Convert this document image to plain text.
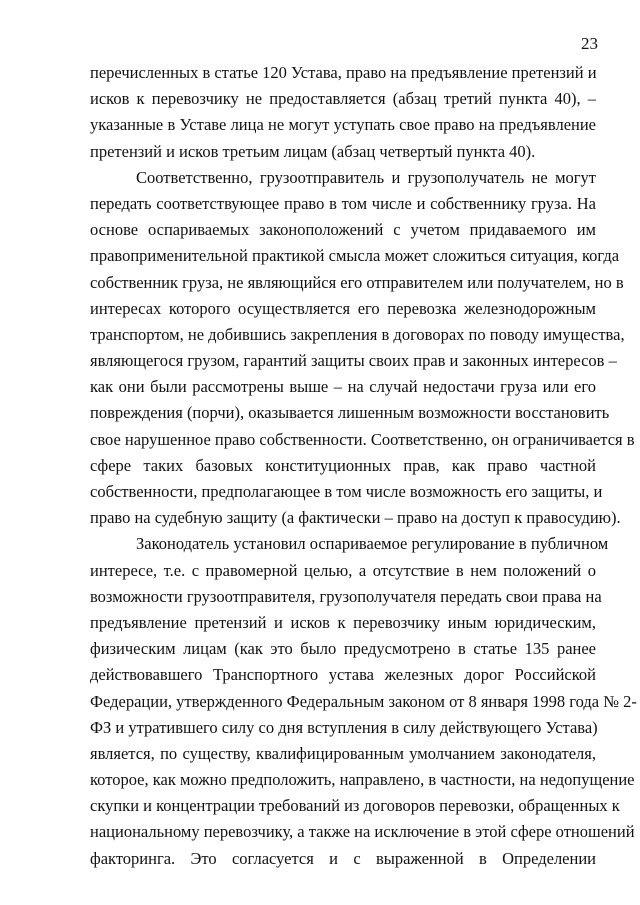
23
перечисленных в статье 120 Устава, право на предъявление претензий и
исков к перевозчику не предоставляется (абзац третий пункта 40), –
указанные в Уставе лица не могут уступать свое право на предъявление
претензий и исков третьим лицам (абзац четвертый пункта 40).
Соответственно, грузоотправитель и грузополучатель не могут
передать соответствующее право в том числе и собственнику груза. На
основе оспариваемых законоположений с учетом придаваемого им
правоприменительной практикой смысла может сложиться ситуация, когда
собственник груза, не являющийся его отправителем или получателем, но в
интересах которого осуществляется его перевозка железнодорожным
транспортом, не добившись закрепления в договорах по поводу имущества,
являющегося грузом, гарантий защиты своих прав и законных интересов –
как они были рассмотрены выше – на случай недостачи груза или его
повреждения (порчи), оказывается лишенным возможности восстановить
свое нарушенное право собственности. Соответственно, он ограничивается в
сфере таких базовых конституционных прав, как право частной
собственности, предполагающее в том числе возможность его защиты, и
право на судебную защиту (а фактически – право на доступ к правосудию).
Законодатель установил оспариваемое регулирование в публичном
интересе, т.е. с правомерной целью, а отсутствие в нем положений о
возможности грузоотправителя, грузополучателя передать свои права на
предъявление претензий и исков к перевозчику иным юридическим,
физическим лицам (как это было предусмотрено в статье 135 ранее
действовавшего Транспортного устава железных дорог Российской
Федерации, утвержденного Федеральным законом от 8 января 1998 года № 2-
ФЗ и утратившего силу со дня вступления в силу действующего Устава)
является, по существу, квалифицированным умолчанием законодателя,
которое, как можно предположить, направлено, в частности, на недопущение
скупки и концентрации требований из договоров перевозки, обращенных к
национальному перевозчику, а также на исключение в этой сфере отношений
факторинга. Это согласуется и с выраженной в Определении
